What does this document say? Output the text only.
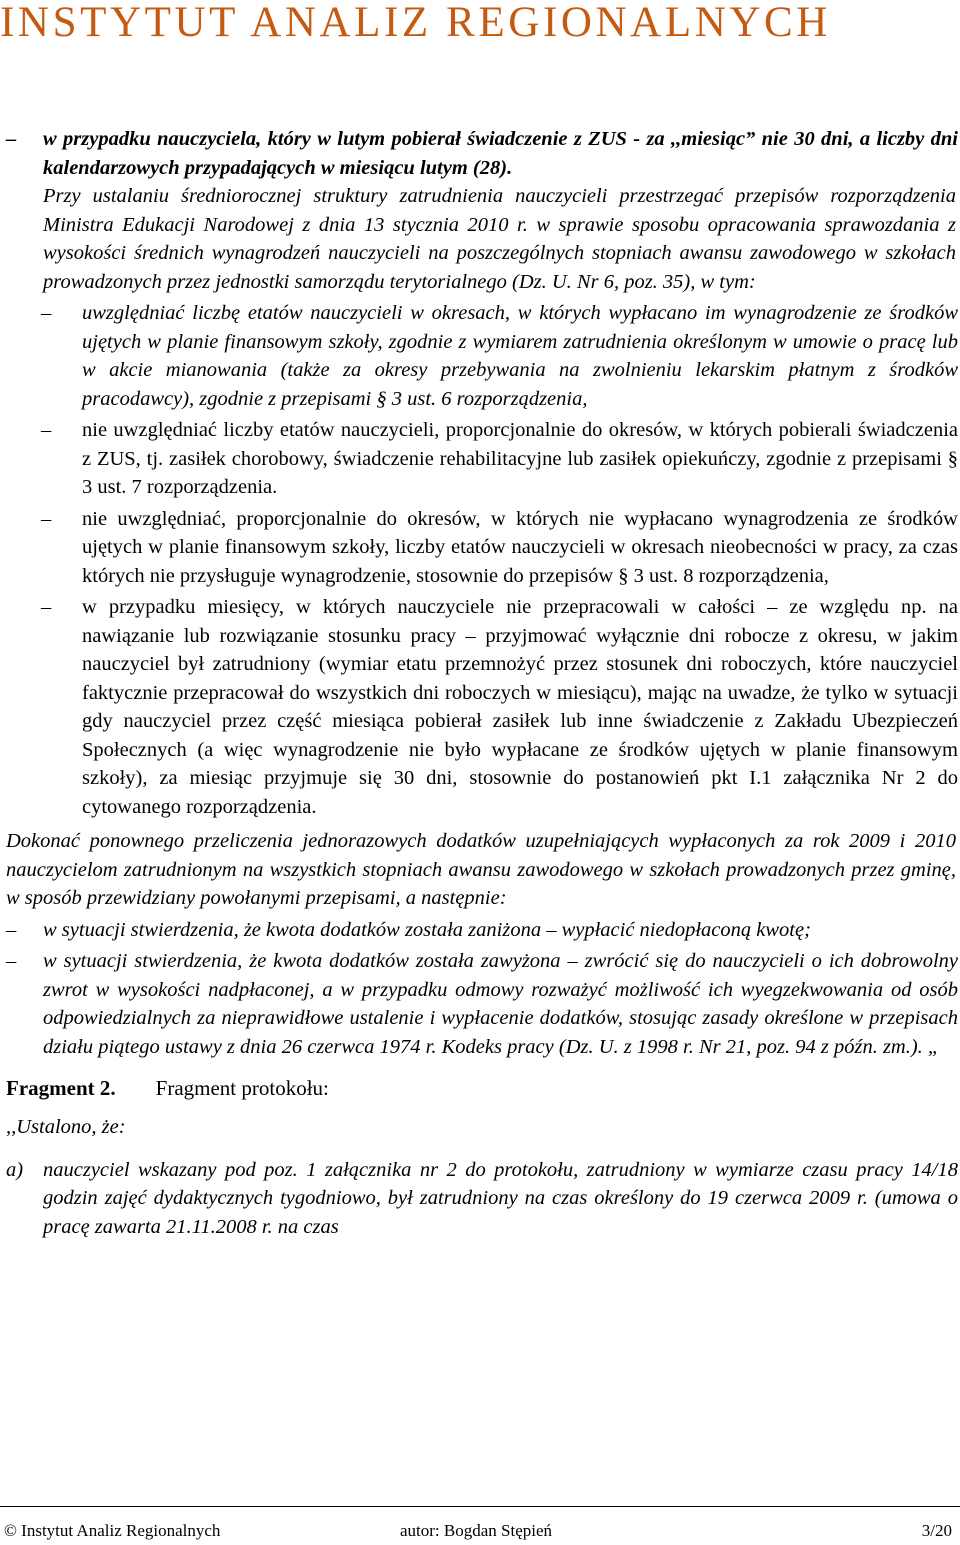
INSTYTUT ANALIZ REGIONALNYCH
–	w przypadku nauczyciela, który w lutym pobierał świadczenie z ZUS - za ,,miesiąc” nie 30 dni, a liczby dni kalendarzowych przypadających w miesiącu lutym (28).

Przy ustalaniu średniorocznej struktury zatrudnienia nauczycieli przestrzegać przepisów rozporządzenia Ministra Edukacji Narodowej z dnia 13 stycznia 2010 r. w sprawie sposobu opracowania sprawozdania z wysokości średnich wynagrodzeń nauczycieli na poszczególnych stopniach awansu zawodowego w szkołach prowadzonych przez jednostki samorządu terytorialnego (Dz. U. Nr 6, poz. 35), w tym:

–	uwzględniać liczbę etatów nauczycieli w okresach, w których wypłacano im wynagrodzenie ze środków ujętych w planie finansowym szkoły, zgodnie z wymiarem zatrudnienia określonym w umowie o pracę lub w akcie mianowania (także za okresy przebywania na zwolnieniu lekarskim płatnym z środków pracodawcy), zgodnie z przepisami § 3 ust. 6 rozporządzenia,
–	nie uwzględniać liczby etatów nauczycieli, proporcjonalnie do okresów, w których pobierali świadczenia z ZUS, tj. zasiłek chorobowy, świadczenie rehabilitacyjne lub zasiłek opiekuńczy, zgodnie z przepisami § 3 ust. 7 rozporządzenia.
–	nie uwzględniać, proporcjonalnie do okresów, w których nie wypłacano wynagrodzenia ze środków ujętych w planie finansowym szkoły, liczby etatów nauczycieli w okresach nieobecności w pracy, za czas których nie przysługuje wynagrodzenie, stosownie do przepisów § 3 ust. 8 rozporządzenia,
–	w przypadku miesięcy, w których nauczyciele nie przepracowali w całości – ze względu np. na nawiązanie lub rozwiązanie stosunku pracy – przyjmować wyłącznie dni robocze z okresu, w jakim nauczyciel był zatrudniony (wymiar etatu przemnożyć przez stosunek dni roboczych, które nauczyciel faktycznie przepracował do wszystkich dni roboczych w miesiącu), mając na uwadze, że tylko w sytuacji gdy nauczyciel przez część miesiąca pobierał zasiłek lub inne świadczenie z Zakładu Ubezpieczeń Społecznych (a więc wynagrodzenie nie było wypłacane ze środków ujętych w planie finansowym szkoły), za miesiąc przyjmuje się 30 dni, stosownie do postanowień pkt I.1 załącznika Nr 2 do cytowanego rozporządzenia.

Dokonać ponownego przeliczenia jednorazowych dodatków uzupełniających wypłaconych za rok 2009 i 2010 nauczycielom zatrudnionym na wszystkich stopniach awansu zawodowego w szkołach prowadzonych przez gminę, w sposób przewidziany powołanymi przepisami, a następnie:

–	w sytuacji stwierdzenia, że kwota dodatków została zaniżona – wypłacić niedopłaconą kwotę;
–	w sytuacji stwierdzenia, że kwota dodatków została zawyżona – zwrócić się do nauczycieli o ich dobrowolny zwrot w wysokości nadpłaconej, a w przypadku odmowy rozważyć możliwość ich wyegzekwowania od osób odpowiedzialnych za nieprawidłowe ustalenie i wypłacenie dodatków, stosując zasady określone w przepisach działu piątego ustawy z dnia 26 czerwca 1974 r. Kodeks pracy (Dz. U. z 1998 r. Nr 21, poz. 94 z późn. zm.). „
Fragment 2. Fragment protokołu:
,,Ustalono, że:
a) nauczyciel wskazany pod poz. 1 załącznika nr 2 do protokołu, zatrudniony w wymiarze czasu pracy 14/18 godzin zajęć dydaktycznych tygodniowo, był zatrudniony na czas określony do 19 czerwca 2009 r. (umowa o pracę zawarta 21.11.2008 r. na czas
© Instytut Analiz Regionalnych	autor: Bogdan Stępień	3/20
